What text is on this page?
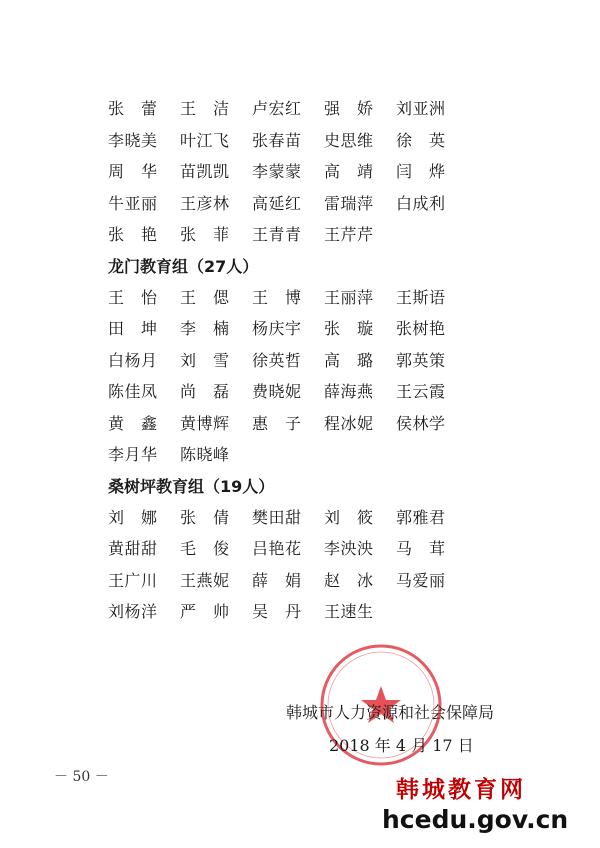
张　蕾	王　洁	卢宏红	强　娇	刘亚洲
李晓美	叶江飞	张春苗	史思维	徐　英
周　华	苗凯凯	李蒙蒙	高　靖	闫　烨
牛亚丽	王彦林	高延红	雷瑞萍	白成利
张　艳	张　菲	王青青	王芹芹
龙门教育组（27人）
王　怡	王　偲	王　博	王丽萍	王斯语
田　坤	李　楠	杨庆宇	张　璇	张树艳
白杨月	刘　雪	徐英哲	高　璐	郭英策
陈佳凤	尚　磊	费晓妮	薛海燕	王云霞
黄　鑫	黄博辉	惠　子	程冰妮	侯林学
李月华	陈晓峰
桑树坪教育组（19人）
刘　娜	张　倩	樊田甜	刘　筱	郭雅君
黄甜甜	毛　俊	吕艳花	李泱泱	马　茸
王广川	王燕妮	薛　娟	赵　冰	马爱丽
刘杨洋	严　帅	吴　丹	王速生
韩城市人力资源和社会保障局
2018 年 4 月 17 日
－ 50 －	韩城教育网
hcedu.gov.cn
